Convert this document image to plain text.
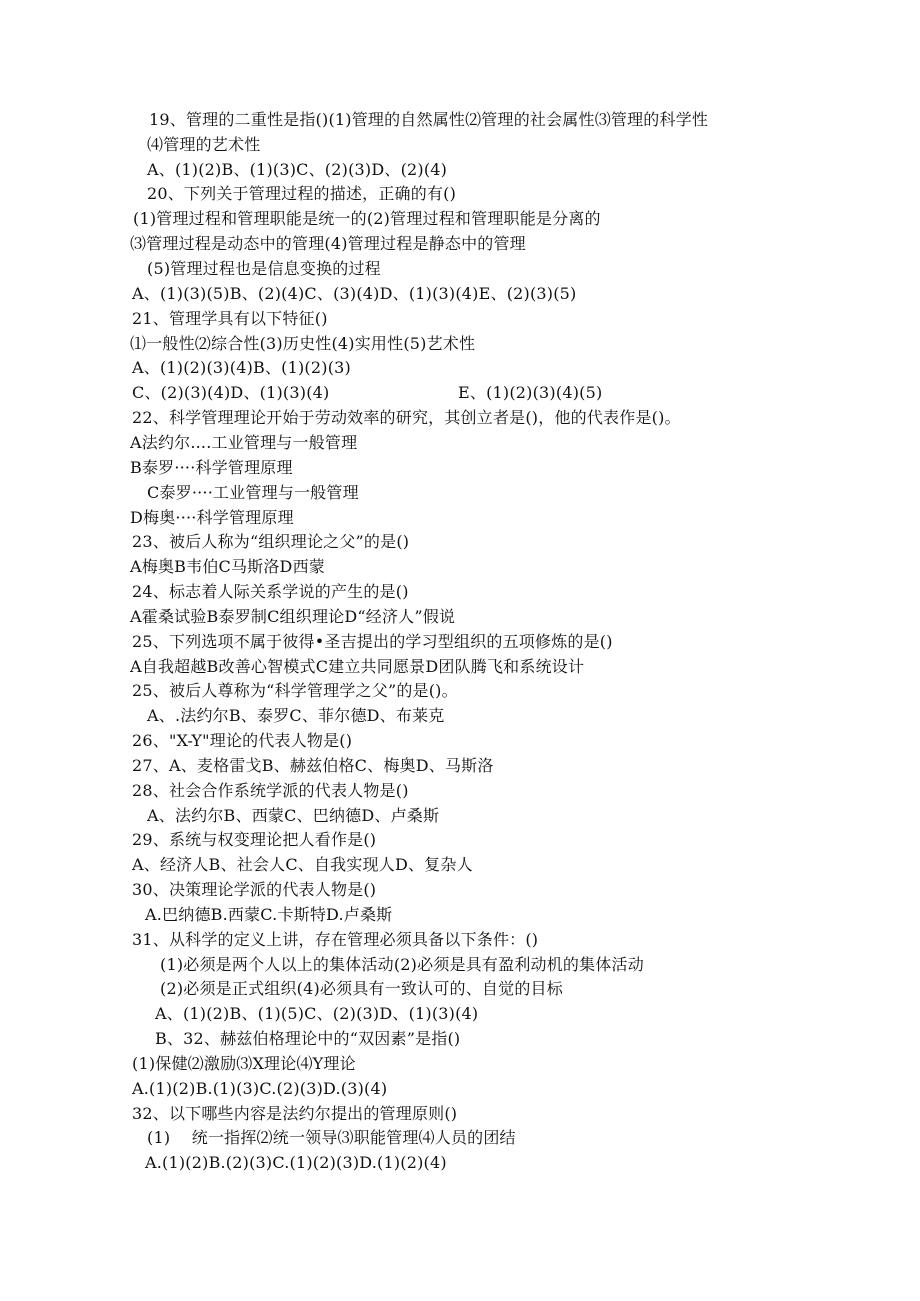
19、管理的二重性是指()(1)管理的自然属性⑵管理的社会属性⑶管理的科学性
⑷管理的艺术性
A、(1)(2)B、(1)(3)C、(2)(3)D、(2)(4)
20、下列关于管理过程的描述，正确的有()
(1)管理过程和管理职能是统一的(2)管理过程和管理职能是分离的
⑶管理过程是动态中的管理(4)管理过程是静态中的管理
(5)管理过程也是信息变换的过程
A、(1)(3)(5)B、(2)(4)C、(3)(4)D、(1)(3)(4)E、(2)(3)(5)
21、管理学具有以下特征()
⑴一般性⑵综合性(3)历史性(4)实用性(5)艺术性
A、(1)(2)(3)(4)B、(1)(2)(3)
C、(2)(3)(4)D、(1)(3)(4)	E、(1)(2)(3)(4)(5)
22、科学管理理论开始于劳动效率的研究，其创立者是()，他的代表作是()。
A法约尔....工业管理与一般管理
B泰罗····科学管理原理
C泰罗····工业管理与一般管理
D梅奥····科学管理原理
23、被后人称为“组织理论之父”的是()
A梅奥B韦伯C马斯洛D西蒙
24、标志着人际关系学说的产生的是()
A霍桑试验B泰罗制C组织理论D“经济人”假说
25、下列选项不属于彼得•圣吉提出的学习型组织的五项修炼的是()
A自我超越B改善心智模式C建立共同愿景D团队腾飞和系统设计
25、被后人尊称为“科学管理学之父”的是()。
A、.法约尔B、泰罗C、菲尔德D、布莱克
26、"X-Y"理论的代表人物是()
27、A、麦格雷戈B、赫兹伯格C、梅奥D、马斯洛
28、社会合作系统学派的代表人物是()
A、法约尔B、西蒙C、巴纳德D、卢桑斯
29、系统与权变理论把人看作是()
A、经济人B、社会人C、自我实现人D、复杂人
30、决策理论学派的代表人物是()
A.巴纳德B.西蒙C.卡斯特D.卢桑斯
31、从科学的定义上讲，存在管理必须具备以下条件：()
(1)必须是两个人以上的集体活动(2)必须是具有盈利动机的集体活动
(2)必须是正式组织(4)必须具有一致认可的、自觉的目标
A、(1)(2)B、(1)(5)C、(2)(3)D、(1)(3)(4)
B、32、赫兹伯格理论中的“双因素”是指()
(1)保健⑵激励⑶X理论⑷Y理论
A.(1)(2)B.(1)(3)C.(2)(3)D.(3)(4)
32、以下哪些内容是法约尔提出的管理原则()
(1)　 统一指挥⑵统一领导⑶职能管理⑷人员的团结
A.(1)(2)B.(2)(3)C.(1)(2)(3)D.(1)(2)(4)
